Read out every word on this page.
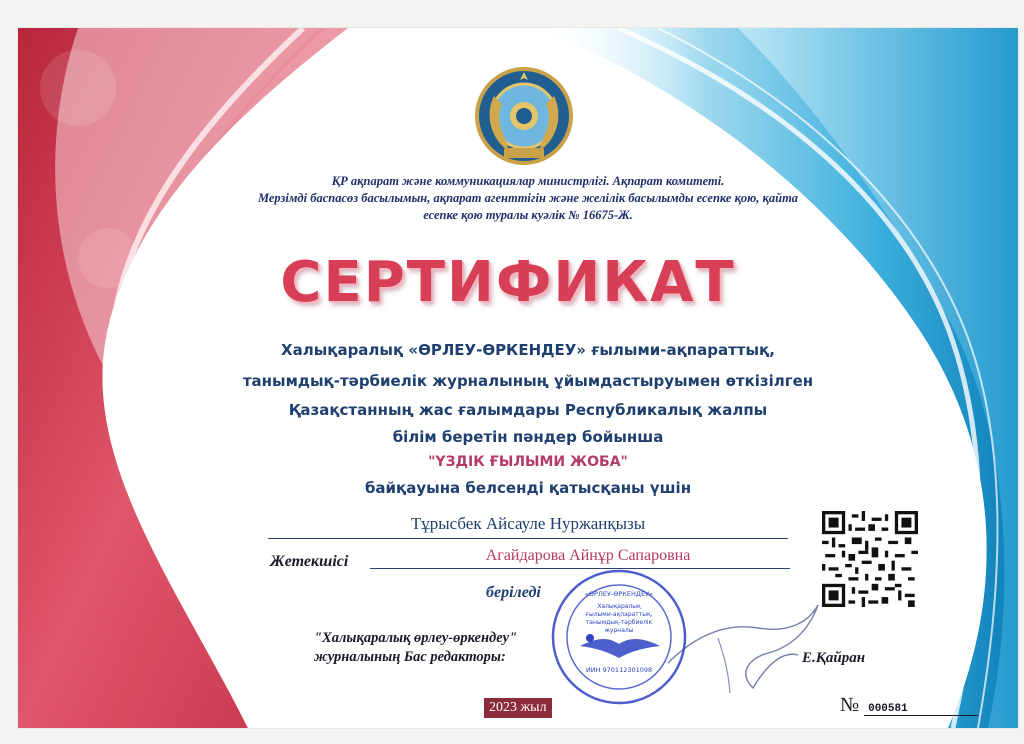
ҚР ақпарат және коммуникациялар министрлігі. Ақпарат комитеті.
Мерзімді баспасөз басылымын, ақпарат агенттігін және желілік басылымды есепке қою, қайта
есепке қою туралы куәлік № 16675-Ж.
СЕРТИФИКАТ
Халықаралық «ӨРЛЕУ-ӨРКЕНДЕУ» ғылыми-ақпараттық,
танымдық-тәрбиелік журналының ұйымдастыруымен өткізілген
Қазақстанның жас ғалымдары Республикалық жалпы
білім беретін пәндер бойынша
"ҮЗДІК ҒЫЛЫМИ ЖОБА"
байқауына белсенді қатысқаны үшін
Тұрысбек Айсауле Нуржанқызы
Жетекшісі	Агайдарова Айнұр Сапаровна
беріледі
"Халықаралық өрлеу-өркендеу"
журналының Бас редакторы:	Е.Қайран
«ӨРЛЕУ-ӨРКЕНДЕУ»
Халықаралық
ғылыми-ақпараттық,
танымдық-тәрбиелік
журналы
ИИН 970112301098
2023 жыл	№ 000581
